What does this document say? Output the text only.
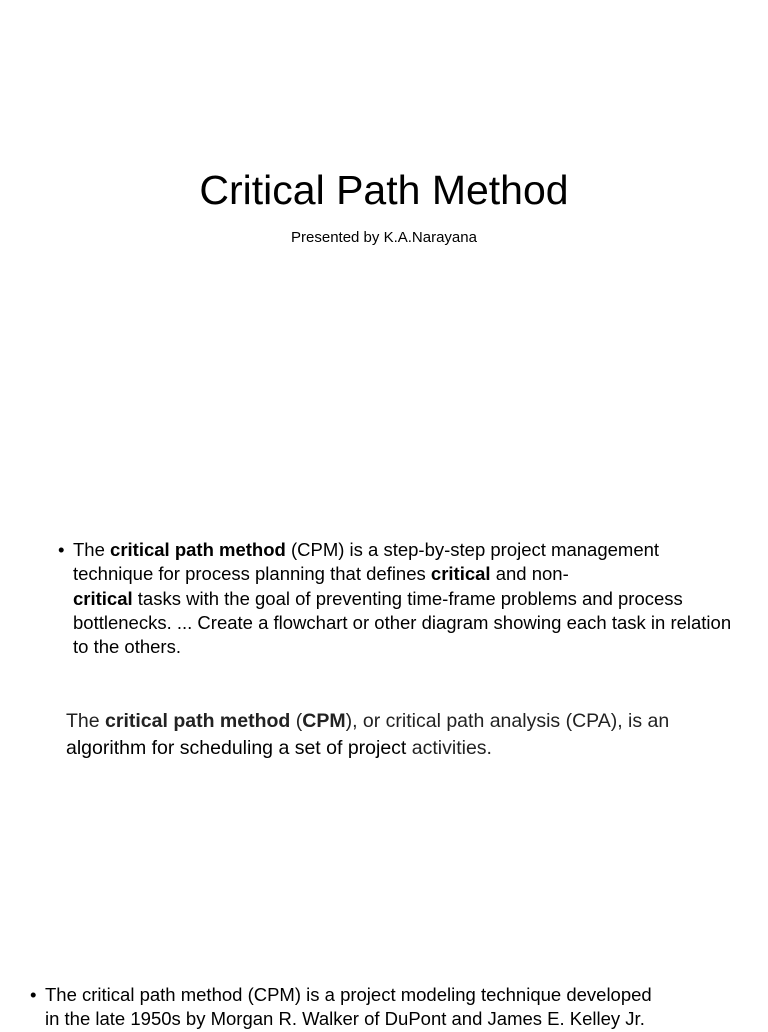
Critical Path Method

Presented by K.A.Narayana

• The critical path method (CPM) is a step-by-step project management technique for process planning that defines critical and non-
critical tasks with the goal of preventing time-frame problems and process bottlenecks. ... Create a flowchart or other diagram showing each task in relation to the others.
The critical path method (CPM), or critical path analysis (CPA), is an algorithm for scheduling a set of project activities.
• The critical path method (CPM) is a project modeling technique developed
in the late 1950s by Morgan R. Walker of DuPont and James E. Kelley Jr.
